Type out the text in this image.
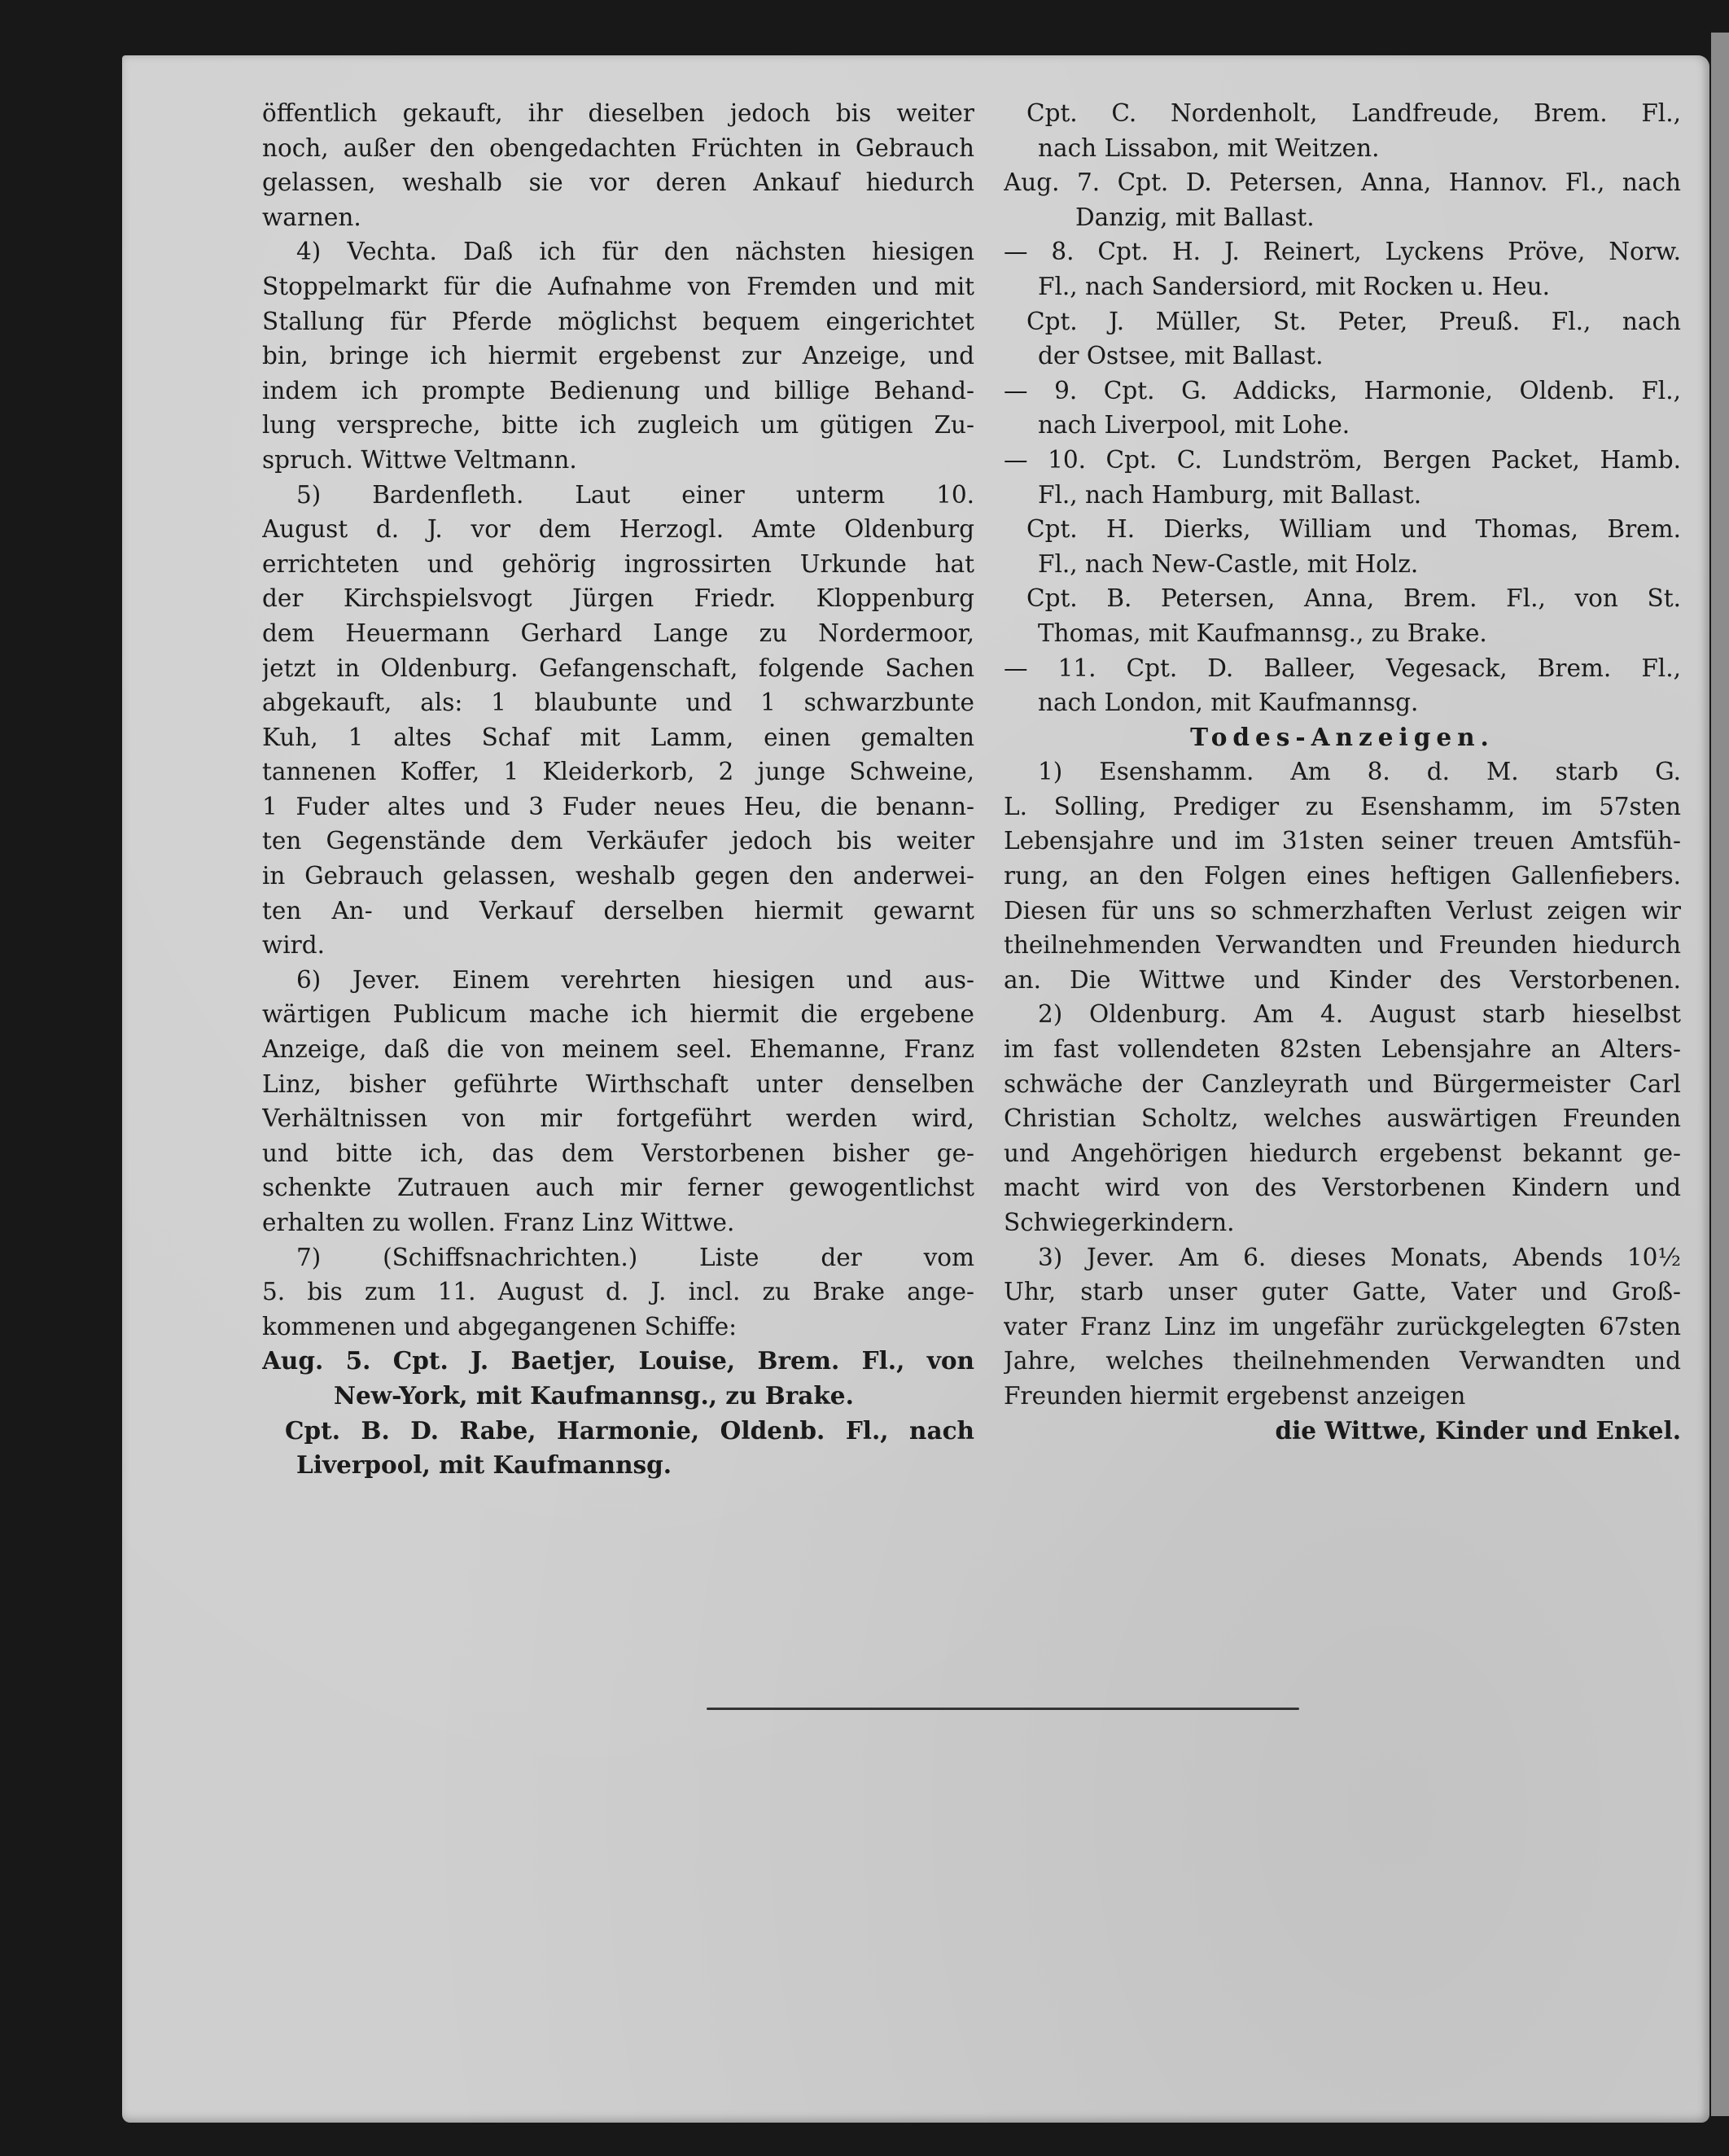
öffentlich gekauft, ihr dieselben jedoch bis weiter
noch, außer den obengedachten Früchten in Gebrauch
gelassen, weshalb sie vor deren Ankauf hiedurch
warnen.
4) Vechta. Daß ich für den nächsten hiesigen
Stoppelmarkt für die Aufnahme von Fremden und mit
Stallung für Pferde möglichst bequem eingerichtet
bin, bringe ich hiermit ergebenst zur Anzeige, und
indem ich prompte Bedienung und billige Behand-
lung verspreche, bitte ich zugleich um gütigen Zu-
spruch. Wittwe Veltmann.
5) Bardenfleth. Laut einer unterm 10.
August d. J. vor dem Herzogl. Amte Oldenburg
errichteten und gehörig ingrossirten Urkunde hat
der Kirchspielsvogt Jürgen Friedr. Kloppenburg
dem Heuermann Gerhard Lange zu Nordermoor,
jetzt in Oldenburg. Gefangenschaft, folgende Sachen
abgekauft, als: 1 blaubunte und 1 schwarzbunte
Kuh, 1 altes Schaf mit Lamm, einen gemalten
tannenen Koffer, 1 Kleiderkorb, 2 junge Schweine,
1 Fuder altes und 3 Fuder neues Heu, die benann-
ten Gegenstände dem Verkäufer jedoch bis weiter
in Gebrauch gelassen, weshalb gegen den anderwei-
ten An- und Verkauf derselben hiermit gewarnt
wird.
6) Jever. Einem verehrten hiesigen und aus-
wärtigen Publicum mache ich hiermit die ergebene
Anzeige, daß die von meinem seel. Ehemanne, Franz
Linz, bisher geführte Wirthschaft unter denselben
Verhältnissen von mir fortgeführt werden wird,
und bitte ich, das dem Verstorbenen bisher ge-
schenkte Zutrauen auch mir ferner gewogentlichst
erhalten zu wollen. Franz Linz Wittwe.
7) (Schiffsnachrichten.) Liste der vom
5. bis zum 11. August d. J. incl. zu Brake ange-
kommenen und abgegangenen Schiffe:
Aug. 5. Cpt. J. Baetjer, Louise, Brem. Fl., von
New-York, mit Kaufmannsg., zu Brake.
Cpt. B. D. Rabe, Harmonie, Oldenb. Fl., nach
Liverpool, mit Kaufmannsg.
Cpt. C. Nordenholt, Landfreude, Brem. Fl.,
nach Lissabon, mit Weitzen.
Aug. 7. Cpt. D. Petersen, Anna, Hannov. Fl., nach
Danzig, mit Ballast.
— 8. Cpt. H. J. Reinert, Lyckens Pröve, Norw.
Fl., nach Sandersiord, mit Rocken u. Heu.
Cpt. J. Müller, St. Peter, Preuß. Fl., nach
der Ostsee, mit Ballast.
— 9. Cpt. G. Addicks, Harmonie, Oldenb. Fl.,
nach Liverpool, mit Lohe.
— 10. Cpt. C. Lundström, Bergen Packet, Hamb.
Fl., nach Hamburg, mit Ballast.
Cpt. H. Dierks, William und Thomas, Brem.
Fl., nach New-Castle, mit Holz.
Cpt. B. Petersen, Anna, Brem. Fl., von St.
Thomas, mit Kaufmannsg., zu Brake.
— 11. Cpt. D. Balleer, Vegesack, Brem. Fl.,
nach London, mit Kaufmannsg.
Todes-Anzeigen.
1) Esenshamm. Am 8. d. M. starb G.
L. Solling, Prediger zu Esenshamm, im 57sten
Lebensjahre und im 31sten seiner treuen Amtsfüh-
rung, an den Folgen eines heftigen Gallenfiebers.
Diesen für uns so schmerzhaften Verlust zeigen wir
theilnehmenden Verwandten und Freunden hiedurch
an. Die Wittwe und Kinder des Verstorbenen.
2) Oldenburg. Am 4. August starb hieselbst
im fast vollendeten 82sten Lebensjahre an Alters-
schwäche der Canzleyrath und Bürgermeister Carl
Christian Scholtz, welches auswärtigen Freunden
und Angehörigen hiedurch ergebenst bekannt ge-
macht wird von des Verstorbenen Kindern und
Schwiegerkindern.
3) Jever. Am 6. dieses Monats, Abends 10½
Uhr, starb unser guter Gatte, Vater und Groß-
vater Franz Linz im ungefähr zurückgelegten 67sten
Jahre, welches theilnehmenden Verwandten und
Freunden hiermit ergebenst anzeigen
die Wittwe, Kinder und Enkel.
